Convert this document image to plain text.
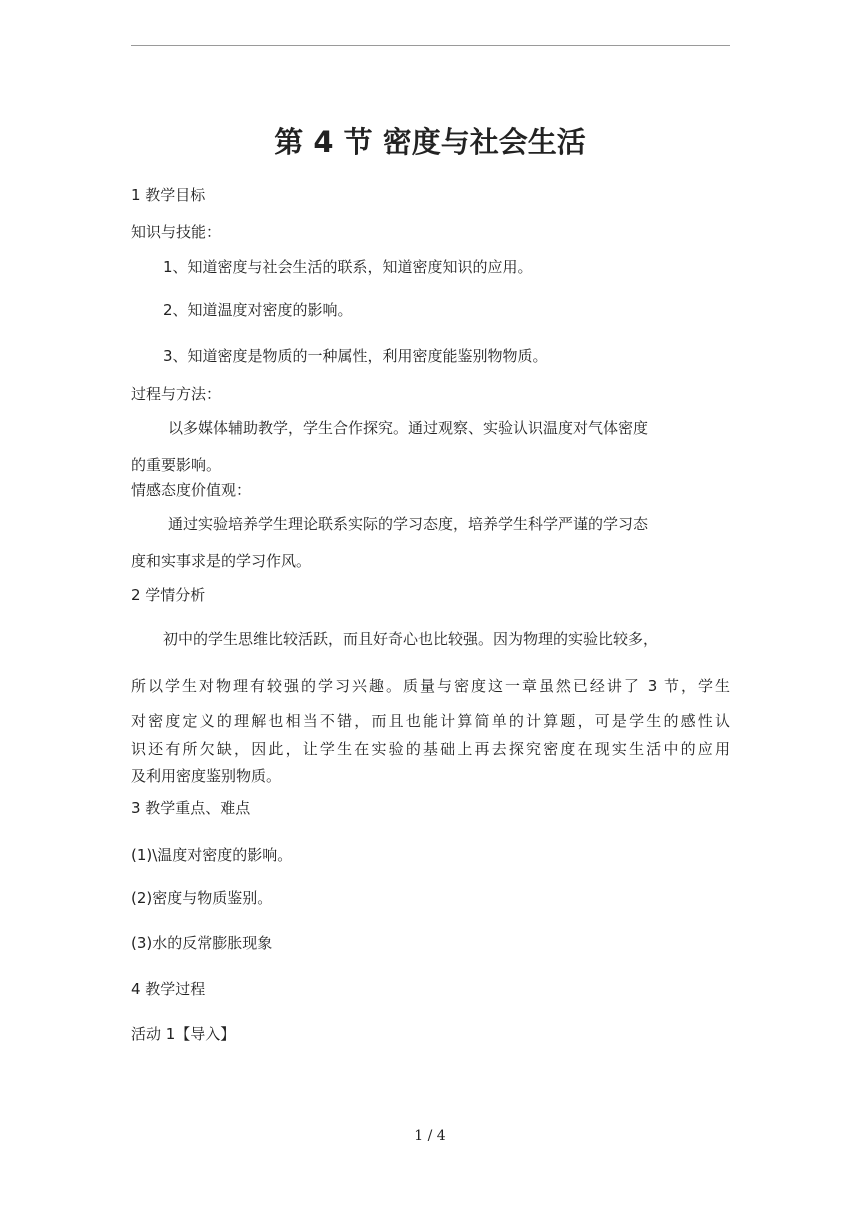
第 4 节 密度与社会生活
1 教学目标
知识与技能：
1、知道密度与社会生活的联系，知道密度知识的应用。
2、知道温度对密度的影响。
3、知道密度是物质的一种属性，利用密度能鉴别物物质。
过程与方法：
以多媒体辅助教学，学生合作探究。通过观察、实验认识温度对气体密度
的重要影响。
情感态度价值观：
通过实验培养学生理论联系实际的学习态度，培养学生科学严谨的学习态
度和实事求是的学习作风。
2 学情分析
初中的学生思维比较活跃，而且好奇心也比较强。因为物理的实验比较多，
所以学生对物理有较强的学习兴趣。质量与密度这一章虽然已经讲了 3 节，学生
对密度定义的理解也相当不错，而且也能计算简单的计算题，可是学生的感性认
识还有所欠缺，因此，让学生在实验的基础上再去探究密度在现实生活中的应用
及利用密度鉴别物质。
3 教学重点、难点
(1)\温度对密度的影响。
(2)密度与物质鉴别。
(3)水的反常膨胀现象
4 教学过程
活动 1【导入】
1 / 4
